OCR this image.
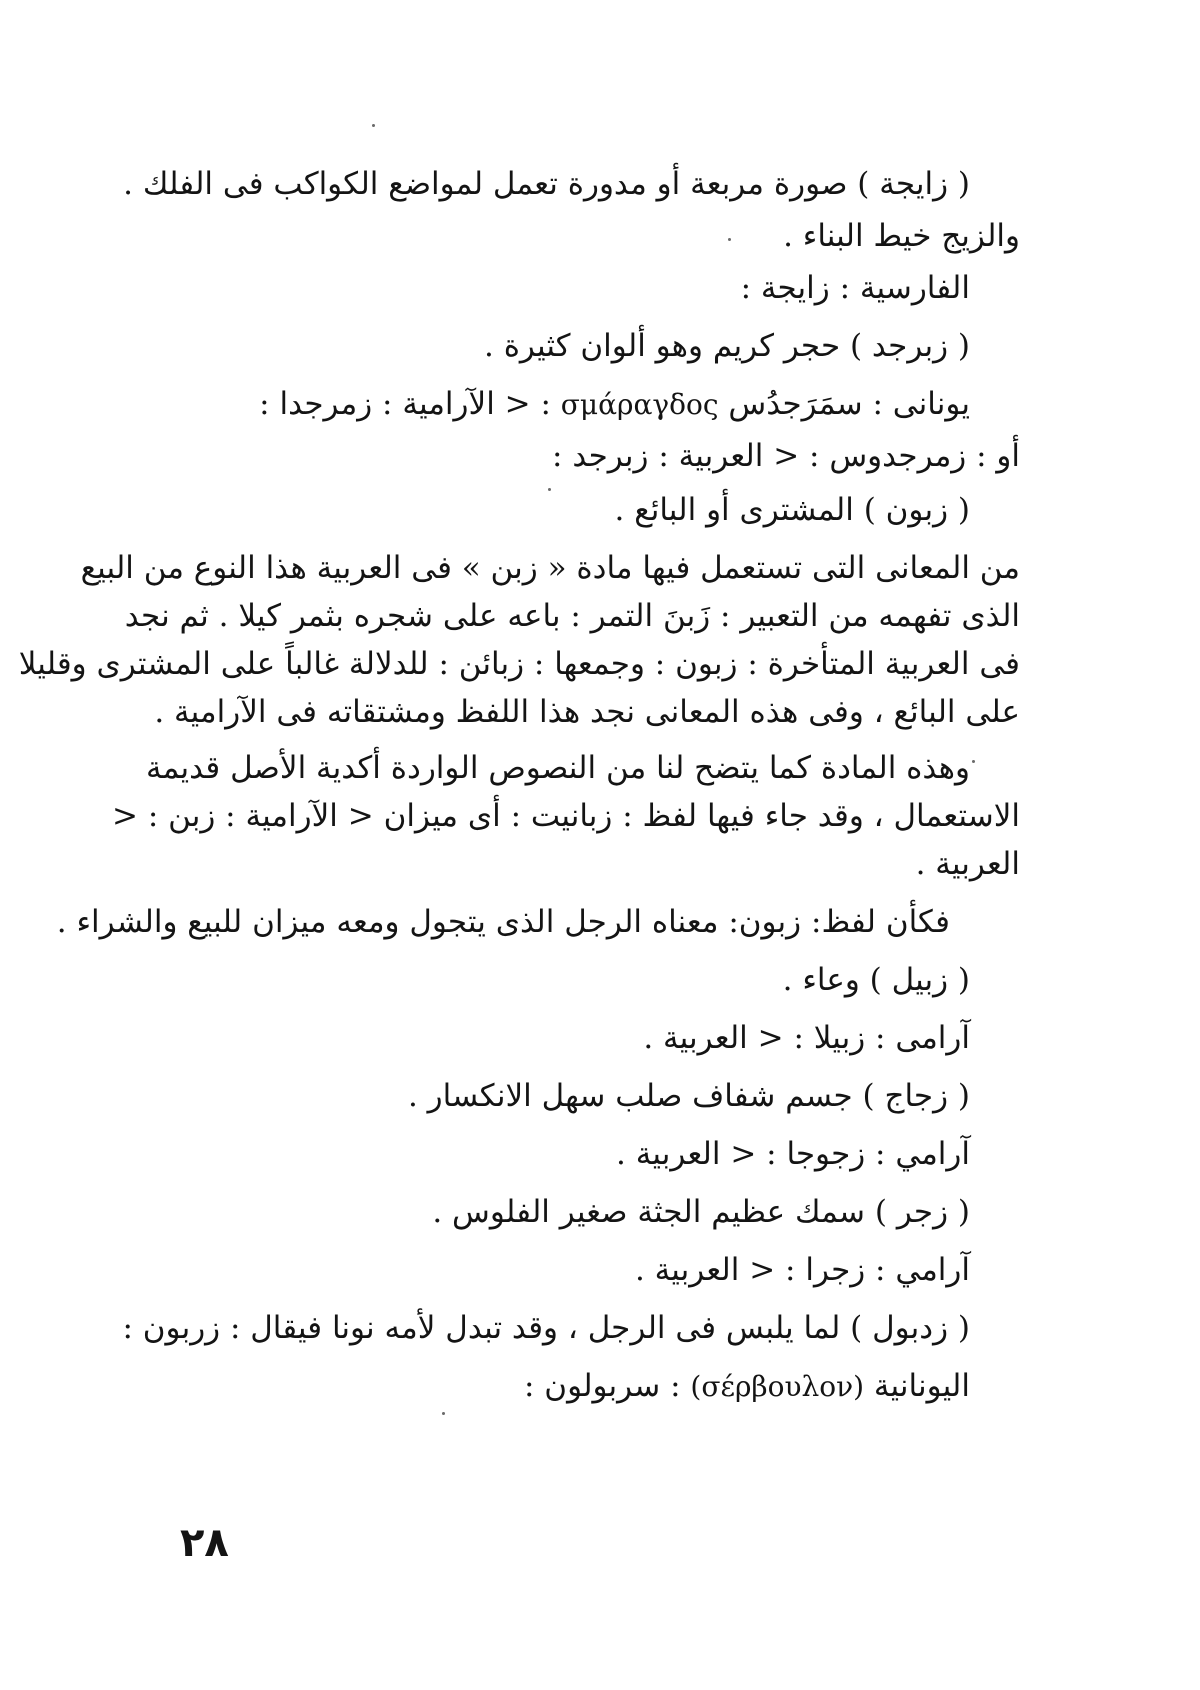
( زايجة ) صورة مربعة أو مدورة تعمل لمواضع الكواكب فى الفلك .
والزيج خيط البناء .
الفارسية : زايجة :
( زبرجد ) حجر كريم وهو ألوان كثيرة .
يونانى : سمَرَجدُس σμάραγδος : < الآرامية : زمرجدا :
أو : زمرجدوس : < العربية : زبرجد :
( زبون ) المشترى أو البائع .
من المعانى التى تستعمل فيها مادة « زبن » فى العربية هذا النوع من البيع
الذى تفهمه من التعبير : زَبنَ التمر : باعه على شجره بثمر كيلا . ثم نجد
فى العربية المتأخرة : زبون : وجمعها : زبائن : للدلالة غالباً على المشترى وقليلا
على البائع ، وفى هذه المعانى نجد هذا اللفظ ومشتقاته فى الآرامية .
وهذه المادة كما يتضح لنا من النصوص الواردة أكدية الأصل قديمة
الاستعمال ، وقد جاء فيها لفظ : زبانيت : أى ميزان < الآرامية : زبن : <
العربية .
فكأن لفظ: زبون: معناه الرجل الذى يتجول ومعه ميزان للبيع والشراء .
( زبيل ) وعاء .
آرامى : زبيلا : < العربية .
( زجاج ) جسم شفاف صلب سهل الانكسار .
آرامي : زجوجا : < العربية .
( زجر ) سمك عظيم الجثة صغير الفلوس .
آرامي : زجرا : < العربية .
( زدبول ) لما يلبس فى الرجل ، وقد تبدل لأمه نونا فيقال : زربون :
اليونانية (σέρβουλον) : سربولون :
٢٨
